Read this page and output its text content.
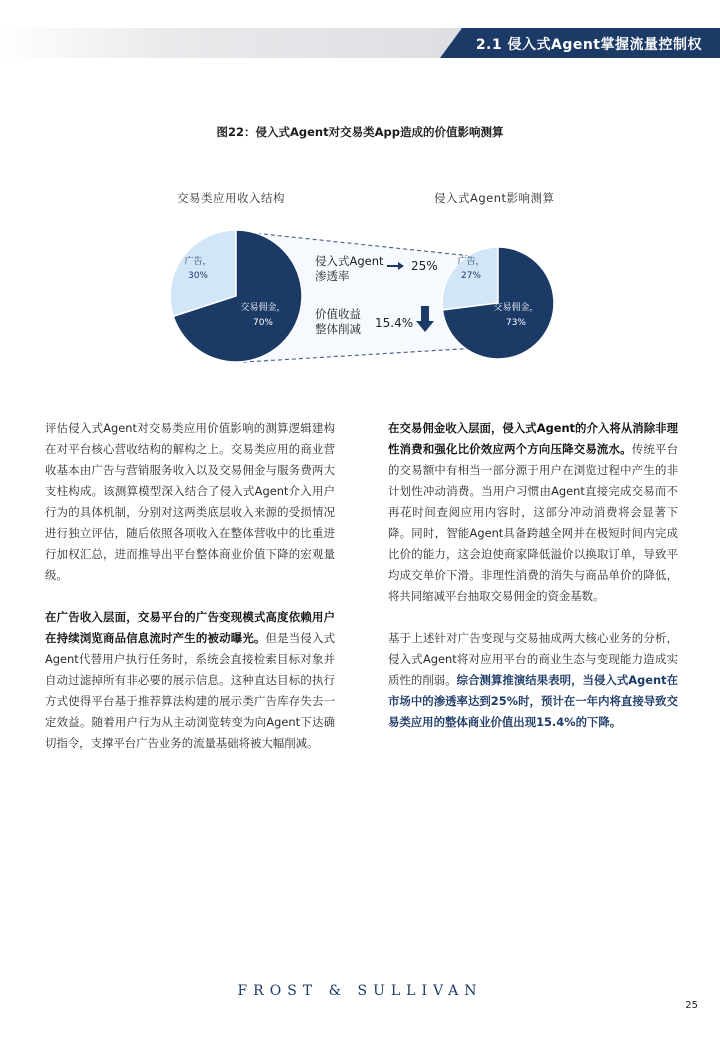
2.1 侵入式Agent掌握流量控制权
图22：侵入式Agent对交易类App造成的价值影响测算
交易类应用收入结构	侵入式Agent影响测算
广告，
30%
交易佣金，
70%
广告，
27%
交易佣金，
73%
侵入式Agent
渗透率
25%
价值收益
整体削减 15.4%

评估侵入式Agent对交易类应用价值影响的测算逻辑建构在对平台核心营收结构的解构之上。交易类应用的商业营收基本由广告与营销服务收入以及交易佣金与服务费两大支柱构成。该测算模型深入结合了侵入式Agent介入用户行为的具体机制，分别对这两类底层收入来源的受损情况进行独立评估，随后依照各项收入在整体营收中的比重进行加权汇总，进而推导出平台整体商业价值下降的宏观量级。

在广告收入层面，交易平台的广告变现模式高度依赖用户在持续浏览商品信息流时产生的被动曝光。但是当侵入式Agent代替用户执行任务时，系统会直接检索目标对象并自动过滤掉所有非必要的展示信息。这种直达目标的执行方式使得平台基于推荐算法构建的展示类广告库存失去一定效益。随着用户行为从主动浏览转变为向Agent下达确切指令，支撑平台广告业务的流量基础将被大幅削减。

在交易佣金收入层面，侵入式Agent的介入将从消除非理性消费和强化比价效应两个方向压降交易流水。传统平台的交易额中有相当一部分源于用户在浏览过程中产生的非计划性冲动消费。当用户习惯由Agent直接完成交易而不再花时间查阅应用内容时，这部分冲动消费将会显著下降。同时，智能Agent具备跨越全网并在极短时间内完成比价的能力，这会迫使商家降低溢价以换取订单，导致平均成交单价下滑。非理性消费的消失与商品单价的降低，将共同缩减平台抽取交易佣金的资金基数。

基于上述针对广告变现与交易抽成两大核心业务的分析，侵入式Agent将对应用平台的商业生态与变现能力造成实质性的削弱。综合测算推演结果表明，当侵入式Agent在市场中的渗透率达到25%时，预计在一年内将直接导致交易类应用的整体商业价值出现15.4%的下降。

FROST & SULLIVAN
25
